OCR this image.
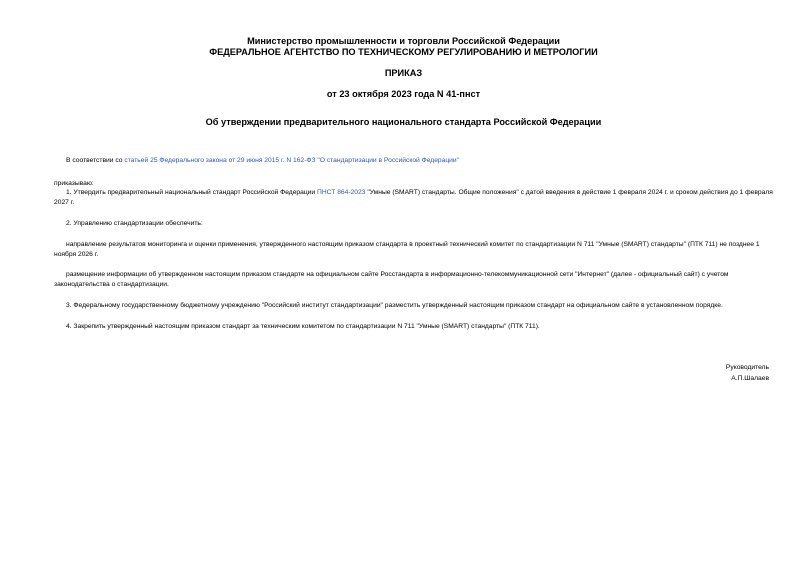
Министерство промышленности и торговли Российской Федерации
ФЕДЕРАЛЬНОЕ АГЕНТСТВО ПО ТЕХНИЧЕСКОМУ РЕГУЛИРОВАНИЮ И МЕТРОЛОГИИ
ПРИКАЗ
от 23 октября 2023 года N 41-пнст
Об утверждении предварительного национального стандарта Российской Федерации
В соответствии со статьей 25 Федерального закона от 29 июня 2015 г. N 162-ФЗ "О стандартизации в Российской Федерации"
приказываю:
1. Утвердить предварительный национальный стандарт Российской Федерации ПНСТ 864-2023 "Умные (SMART) стандарты. Общие положения" с датой введения в действие 1 февраля 2024 г. и сроком действия до 1 февраля 2027 г.
2. Управлению стандартизации обеспечить:
направление результатов мониторинга и оценки применения, утвержденного настоящим приказом стандарта в проектный технический комитет по стандартизации N 711 "Умные (SMART) стандарты" (ПТК 711) не позднее 1 ноября 2026 г.
размещение информации об утвержденном настоящим приказом стандарте на официальном сайте Росстандарта в информационно-телекоммуникационной сети "Интернет" (далее - официальный сайт) с учетом законодательства о стандартизации.
3. Федеральному государственному бюджетному учреждению "Российский институт стандартизации" разместить утвержденный настоящим приказом стандарт на официальном сайте в установленном порядке.
4. Закрепить утвержденный настоящим приказом стандарт за техническим комитетом по стандартизации N 711 "Умные (SMART) стандарты" (ПТК 711).
Руководитель
А.П.Шалаев
